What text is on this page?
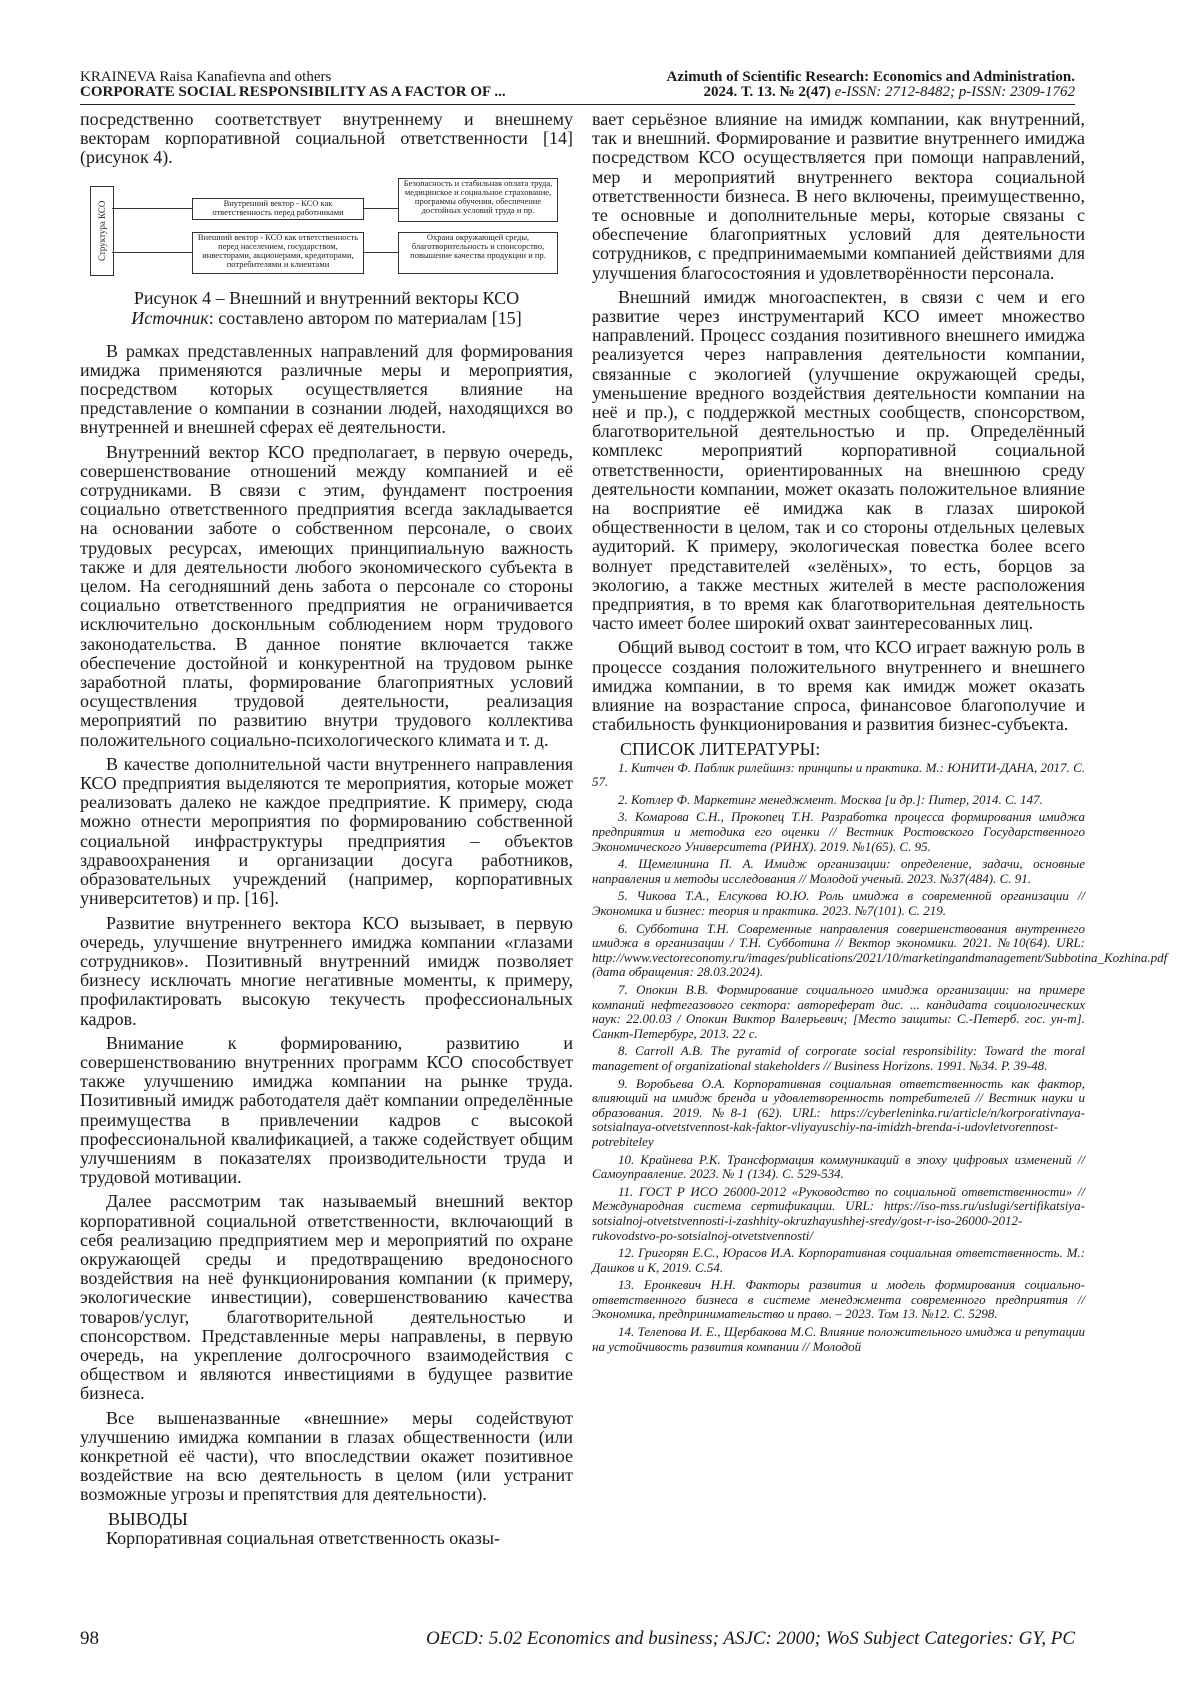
KRAINEVA Raisa Kanafievna and others
CORPORATE SOCIAL RESPONSIBILITY AS A FACTOR OF ...
Azimuth of Scientific Research: Economics and Administration.
2024. Т. 13. № 2(47) e-ISSN: 2712-8482; p-ISSN: 2309-1762

посредственно соответствует внутреннему и внешнему векторам корпоративной социальной ответственности [14] (рисунок 4).

Структура КСО	Внутренний вектор - КСО как ответственность перед работниками
Внешний вектор - КСО как ответственность перед населением, государством, инвесторами, акционерами, кредиторами, потребителями и клиентами
Безопасность и стабильная оплата труда, медицинское и социальное страхование, программы обучения, обеспечение достойных условий труда и пр.
Охрана окружающей среды, благотворительность и спонсорство, повышение качества продукции и пр.
Рисунок 4 – Внешний и внутренний векторы КСО
Источник: составлено автором по материалам [15]

В рамках представленных направлений для формирования имиджа применяются различные меры и мероприятия, посредством которых осуществляется влияние на представление о компании в сознании людей, находящихся во внутренней и внешней сферах её деятельности.

Внутренний вектор КСО предполагает, в первую очередь, совершенствование отношений между компанией и её сотрудниками. В связи с этим, фундамент построения социально ответственного предприятия всегда закладывается на основании заботе о собственном персонале, о своих трудовых ресурсах, имеющих принципиальную важность также и для деятельности любого экономического субъекта в целом. На сегодняшний день забота о персонале со стороны социально ответственного предприятия не ограничивается исключительно досконльным соблюдением норм трудового законодательства. В данное понятие включается также обеспечение достойной и конкурентной на трудовом рынке заработной платы, формирование благоприятных условий осуществления трудовой деятельности, реализация мероприятий по развитию внутри трудового коллектива положительного социально-психологического климата и т. д.

В качестве дополнительной части внутреннего направления КСО предприятия выделяются те мероприятия, которые может реализовать далеко не каждое предприятие. К примеру, сюда можно отнести мероприятия по формированию собственной социальной инфраструктуры предприятия – объектов здравоохранения и организации досуга работников, образовательных учреждений (например, корпоративных университетов) и пр. [16].

Развитие внутреннего вектора КСО вызывает, в первую очередь, улучшение внутреннего имиджа компании «глазами сотрудников». Позитивный внутренний имидж позволяет бизнесу исключать многие негативные моменты, к примеру, профилактировать высокую текучесть профессиональных кадров.

Внимание к формированию, развитию и совершенствованию внутренних программ КСО способствует также улучшению имиджа компании на рынке труда. Позитивный имидж работодателя даёт компании определённые преимущества в привлечении кадров с высокой профессиональной квалификацией, а также содействует общим улучшениям в показателях производительности труда и трудовой мотивации.

Далее рассмотрим так называемый внешний вектор корпоративной социальной ответственности, включающий в себя реализацию предприятием мер и мероприятий по охране окружающей среды и предотвращению вредоносного воздействия на неё функционирования компании (к примеру, экологические инвестиции), совершенствованию качества товаров/услуг, благотворительной деятельностью и спонсорством. Представленные меры направлены, в первую очередь, на укрепление долгосрочного взаимодействия с обществом и являются инвестициями в будущее развитие бизнеса.

Все вышеназванные «внешние» меры содействуют улучшению имиджа компании в глазах общественности (или конкретной её части), что впоследствии окажет позитивное воздействие на всю деятельность в целом (или устранит возможные угрозы и препятствия для деятельности).

ВЫВОДЫ

Корпоративная социальная ответственность оказы-

вает серьёзное влияние на имидж компании, как внутренний, так и внешний. Формирование и развитие внутреннего имиджа посредством КСО осуществляется при помощи направлений, мер и мероприятий внутреннего вектора социальной ответственности бизнеса. В него включены, преимущественно, те основные и дополнительные меры, которые связаны с обеспечение благоприятных условий для деятельности сотрудников, с предпринимаемыми компанией действиями для улучшения благосостояния и удовлетворённости персонала.

Внешний имидж многоаспектен, в связи с чем и его развитие через инструментарий КСО имеет множество направлений. Процесс создания позитивного внешнего имиджа реализуется через направления деятельности компании, связанные с экологией (улучшение окружающей среды, уменьшение вредного воздействия деятельности компании на неё и пр.), с поддержкой местных сообществ, спонсорством, благотворительной деятельностью и пр. Определённый комплекс мероприятий корпоративной социальной ответственности, ориентированных на внешнюю среду деятельности компании, может оказать положительное влияние на восприятие её имиджа как в глазах широкой общественности в целом, так и со стороны отдельных целевых аудиторий. К примеру, экологическая повестка более всего волнует представителей «зелёных», то есть, борцов за экологию, а также местных жителей в месте расположения предприятия, в то время как благотворительная деятельность часто имеет более широкий охват заинтересованных лиц.

Общий вывод состоит в том, что КСО играет важную роль в процессе создания положительного внутреннего и внешнего имиджа компании, в то время как имидж может оказать влияние на возрастание спроса, финансовое благополучие и стабильность функционирования и развития бизнес-субъекта.

СПИСОК ЛИТЕРАТУРЫ:
1. Китчен Ф. Паблик рилейшнз: принципы и практика. М.: ЮНИТИ-ДАНА, 2017. С. 57.
2. Котлер Ф. Маркетинг менеджмент. Москва [и др.]: Питер, 2014. С. 147.
3. Комарова С.Н., Прокопец Т.Н. Разработка процесса формирования имиджа предприятия и методика его оценки // Вестник Ростовского Государственного Экономического Университета (РИНХ). 2019. №1(65). С. 95.
4. Щемелинина П. А. Имидж организации: определение, задачи, основные направления и методы исследования // Молодой ученый. 2023. №37(484). С. 91.
5. Чикова Т.А., Елсукова Ю.Ю. Роль имиджа в современной организации // Экономика и бизнес: теория и практика. 2023. №7(101). С. 219.
6. Субботина Т.Н. Современные направления совершенствования внутреннего имиджа в организации / Т.Н. Субботина // Вектор экономики. 2021. №10(64). URL: http://www.vectoreconomy.ru/images/publications/2021/10/marketingandmanagement/Subbotina_Kozhina.pdf (дата обращения: 28.03.2024).
7. Опокин В.В. Формирование социального имиджа организации: на примере компаний нефтегазового сектора: автореферат дис. ... кандидата социологических наук: 22.00.03 / Опокин Виктор Валерьевич; [Место защиты: С.-Петерб. гос. ун-т]. Санкт-Петербург, 2013. 22 с.
8. Carroll A.B. The pyramid of corporate social responsibility: Toward the moral management of organizational stakeholders // Business Horizons. 1991. №34. P. 39-48.
9. Воробьева О.А. Корпоративная социальная ответственность как фактор, влияющий на имидж бренда и удовлетворенность потребителей // Вестник науки и образования. 2019. №8-1 (62). URL: https://cyberleninka.ru/article/n/korporativnaya-sotsialnaya-otvetstvennost-kak-faktor-vliyayuschiy-na-imidzh-brenda-i-udovletvorennost-potrebiteley
10. Крайнева Р.К. Трансформация коммуникаций в эпоху цифровых изменений // Самоуправление. 2023. № 1 (134). С. 529-534.
11. ГОСТ Р ИСО 26000-2012 «Руководство по социальной ответственности» // Международная система сертификации. URL: https://iso-mss.ru/uslugi/sertifikatsiya-sotsialnoj-otvetstvennosti-i-zashhity-okruzhayushhej-sredy/gost-r-iso-26000-2012-rukovodstvo-po-sotsialnoj-otvetstvennosti/
12. Григорян Е.С., Юрасов И.А. Корпоративная социальная ответственность. М.: Дашков и К, 2019. С.54.
13. Еронкевич Н.Н. Факторы развития и модель формирования социально-ответственного бизнеса в системе менеджмента современного предприятия // Экономика, предпринимательство и право. – 2023. Том 13. №12. С. 5298.
14. Телепова И. Е., Щербакова М.С. Влияние положительного имиджа и репутации на устойчивость развития компании // Молодой
98	OECD: 5.02 Economics and business; ASJC: 2000; WoS Subject Categories: GY, PC
